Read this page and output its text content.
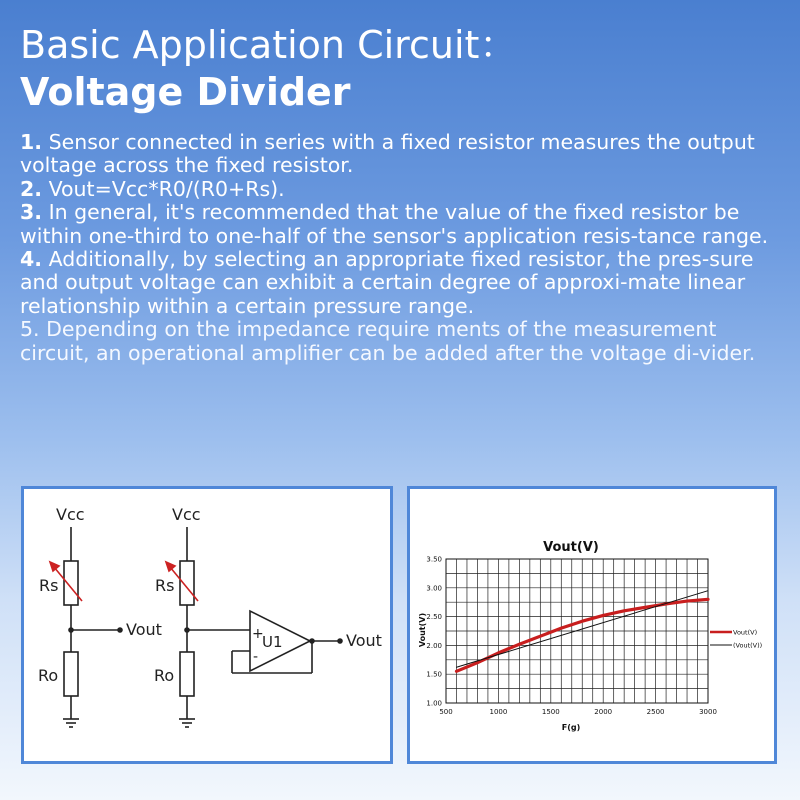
Basic Application Circuit：
Voltage Divider

1. Sensor connected in series with a fixed resistor measures the output voltage across the fixed resistor.

2. Vout=Vcc*R0/(R0+Rs).

3. In general, it's recommended that the value of the fixed resistor be within one-third to one-half of the sensor's application resis-tance range.

4. Additionally, by selecting an appropriate fixed resistor, the pres-sure and output voltage can exhibit a certain degree of approxi-mate linear relationship within a certain pressure range.

5. Depending on the impedance require ments of the measurement circuit, an operational amplifier can be added after the voltage di-vider.

Vcc	Vcc
Rs	Rs
Ro	Ro
Vout
Vout
U1
+
-
Vout(V)
F(g)
Vout(V)
500	1000	1500	2000	2500	3000
1.00
1.50
2.00
2.50
3.00
3.50
Vout(V)
(Vout(V))
